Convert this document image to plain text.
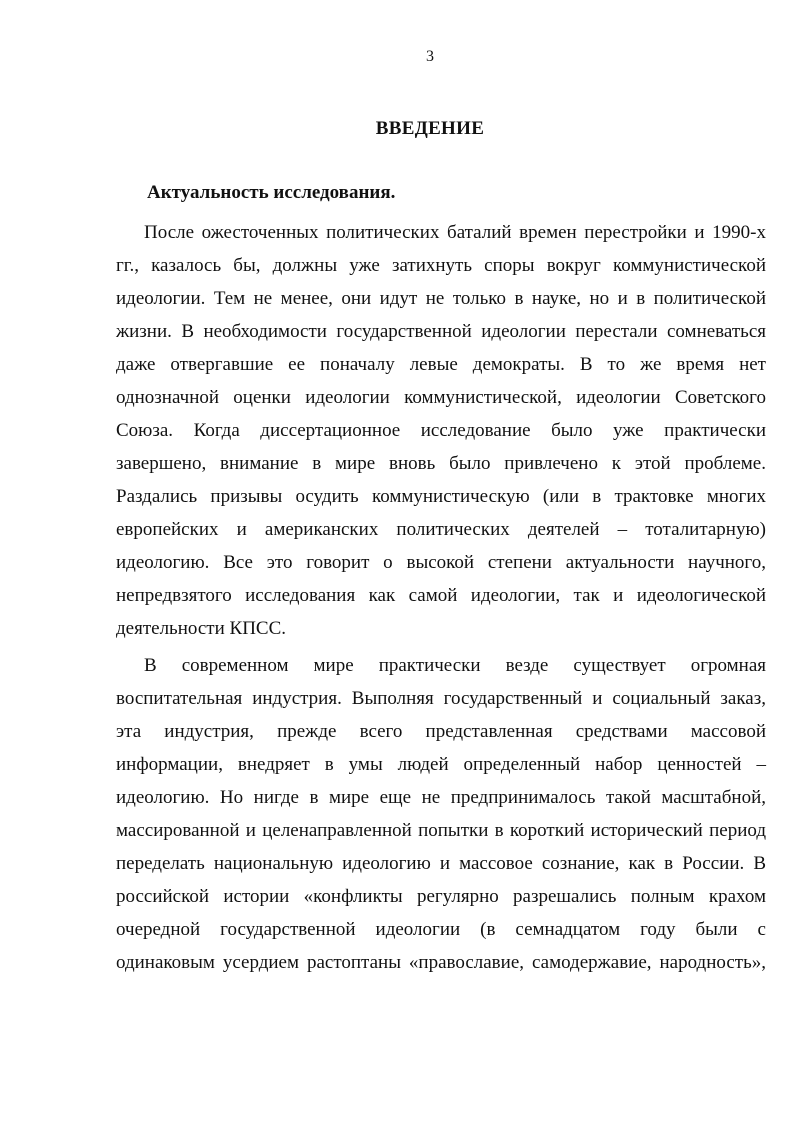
3
ВВЕДЕНИЕ
Актуальность исследования.
После ожесточенных политических баталий времен перестройки и 1990-х
гг., казалось бы, должны уже затихнуть споры вокруг коммунистической
идеологии. Тем не менее, они идут не только в науке, но и в политической
жизни. В необходимости государственной идеологии перестали сомневаться
даже отвергавшие ее поначалу левые демократы. В то же время нет
однозначной оценки идеологии коммунистической, идеологии Советского
Союза. Когда диссертационное исследование было уже практически
завершено, внимание в мире вновь было привлечено к этой проблеме.
Раздались призывы осудить коммунистическую (или в трактовке многих
европейских и американских политических деятелей – тоталитарную)
идеологию. Все это говорит о высокой степени актуальности научного,
непредвзятого исследования как самой идеологии, так и идеологической
деятельности КПСС.
В современном мире практически везде существует огромная
воспитательная индустрия. Выполняя государственный и социальный заказ,
эта индустрия, прежде всего представленная средствами массовой
информации, внедряет в умы людей определенный набор ценностей –
идеологию. Но нигде в мире еще не предпринималось такой масштабной,
массированной и целенаправленной попытки в короткий исторический период
переделать национальную идеологию и массовое сознание, как в России. В
российской истории «конфликты регулярно разрешались полным крахом
очередной государственной идеологии (в семнадцатом году были с
одинаковым усердием растоптаны «православие, самодержавие, народность»,
